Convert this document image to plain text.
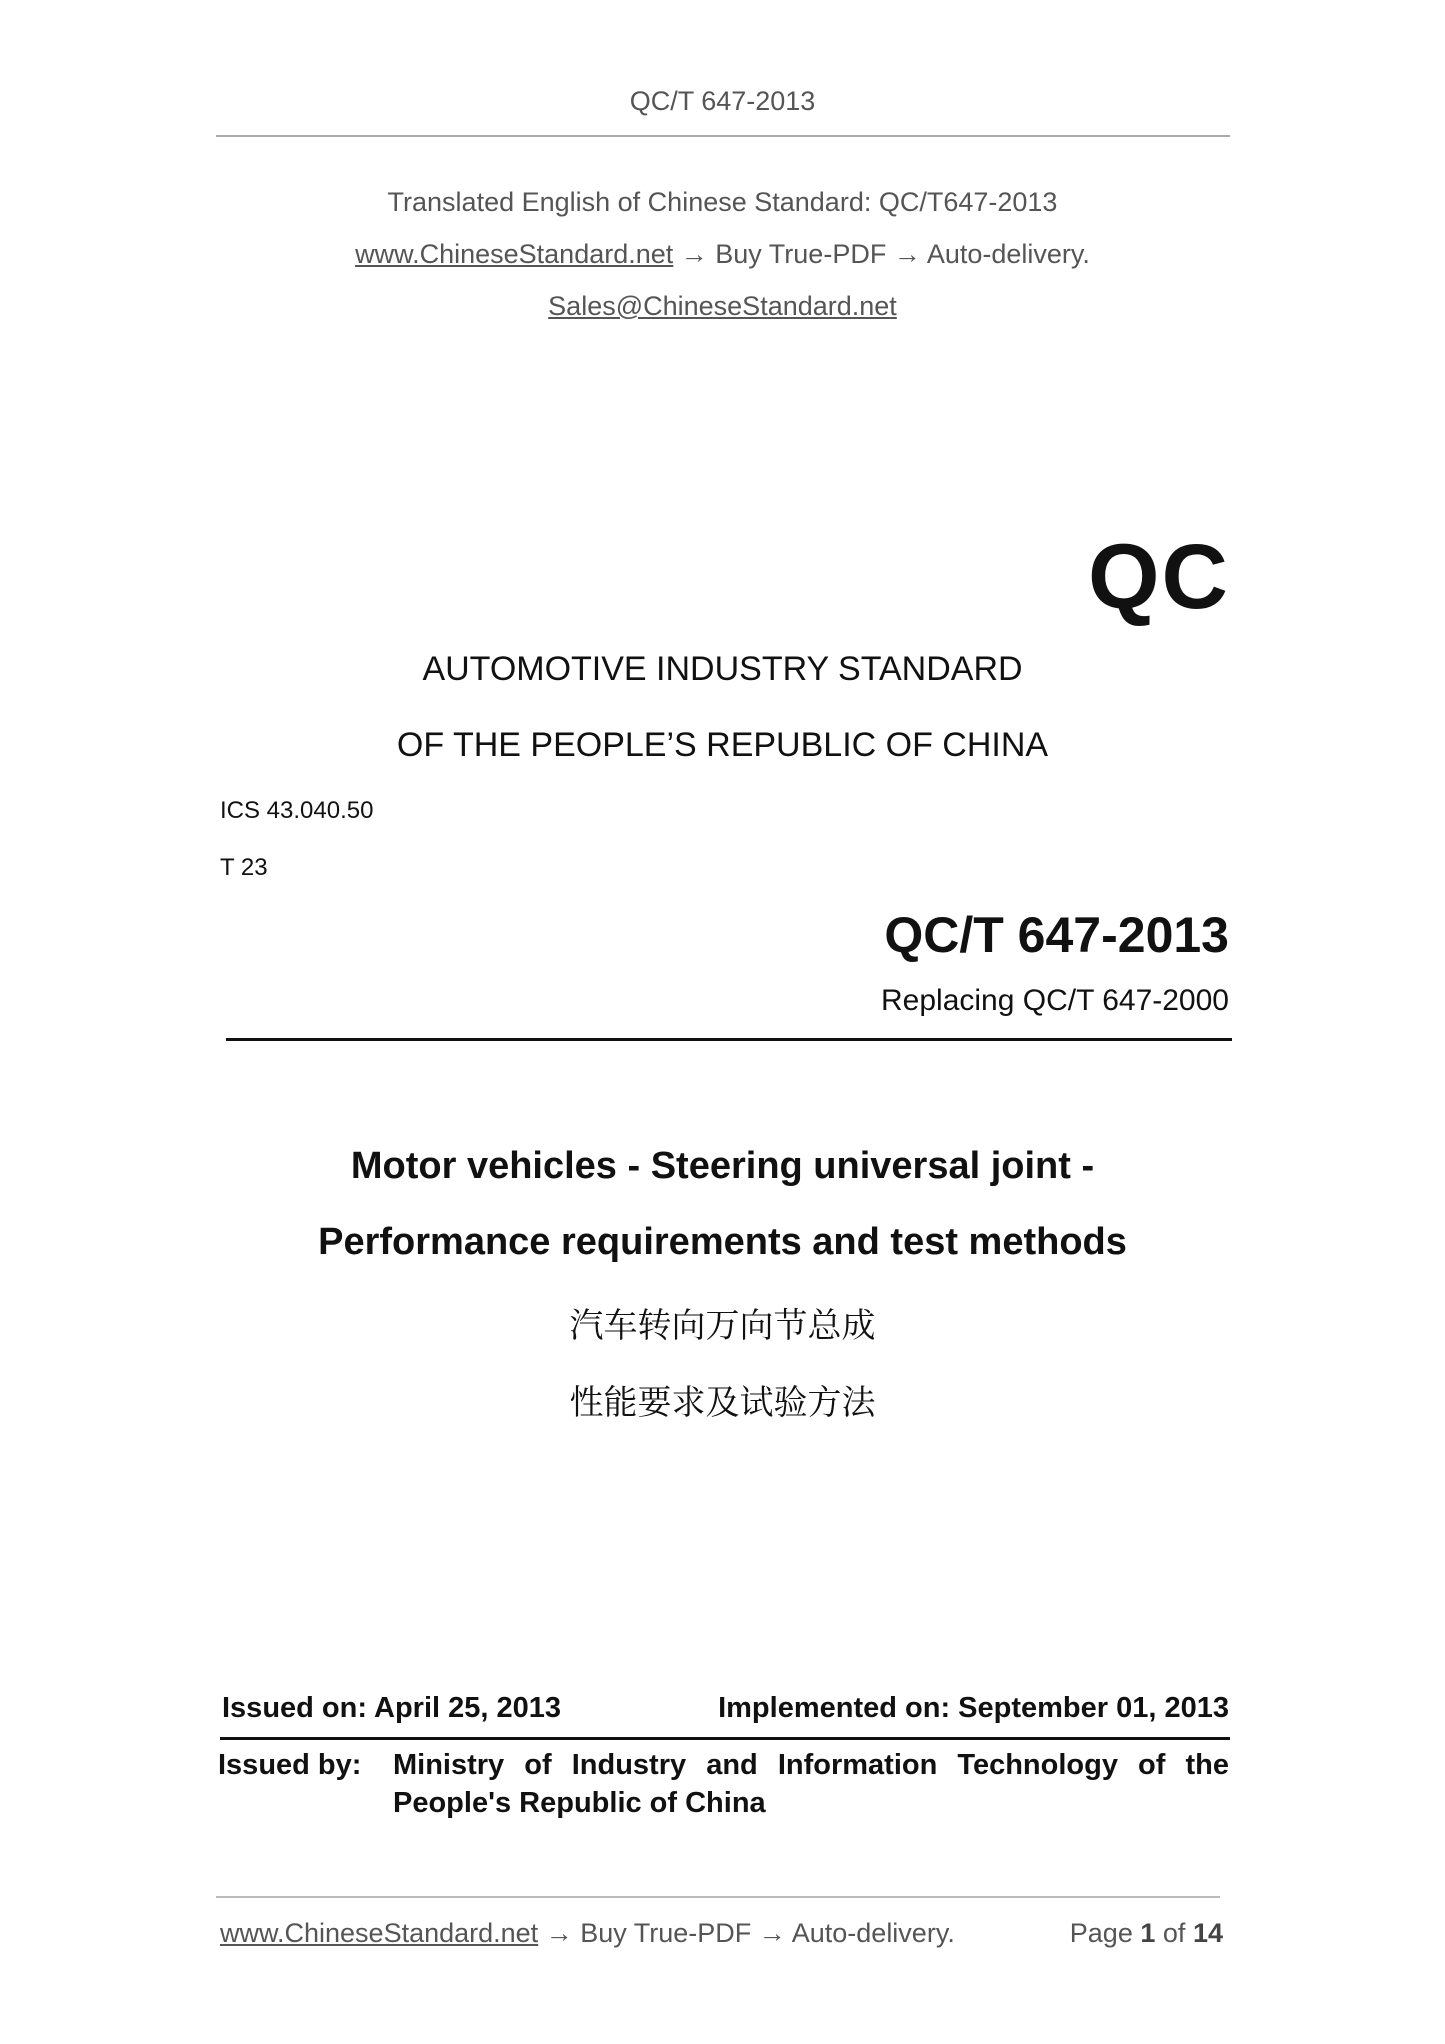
QC/T 647-2013
Translated English of Chinese Standard: QC/T647-2013
www.ChineseStandard.net → Buy True-PDF → Auto-delivery.
Sales@ChineseStandard.net
QC
AUTOMOTIVE INDUSTRY STANDARD
OF THE PEOPLE’S REPUBLIC OF CHINA
ICS 43.040.50
T 23
QC/T 647-2013
Replacing QC/T 647-2000
Motor vehicles - Steering universal joint -
Performance requirements and test methods
汽车转向万向节总成
性能要求及试验方法
Issued on: April 25, 2013	Implemented on: September 01, 2013
Issued by: Ministry of Industry and Information Technology of the
People's Republic of China
www.ChineseStandard.net → Buy True-PDF → Auto-delivery.	Page 1 of 14
